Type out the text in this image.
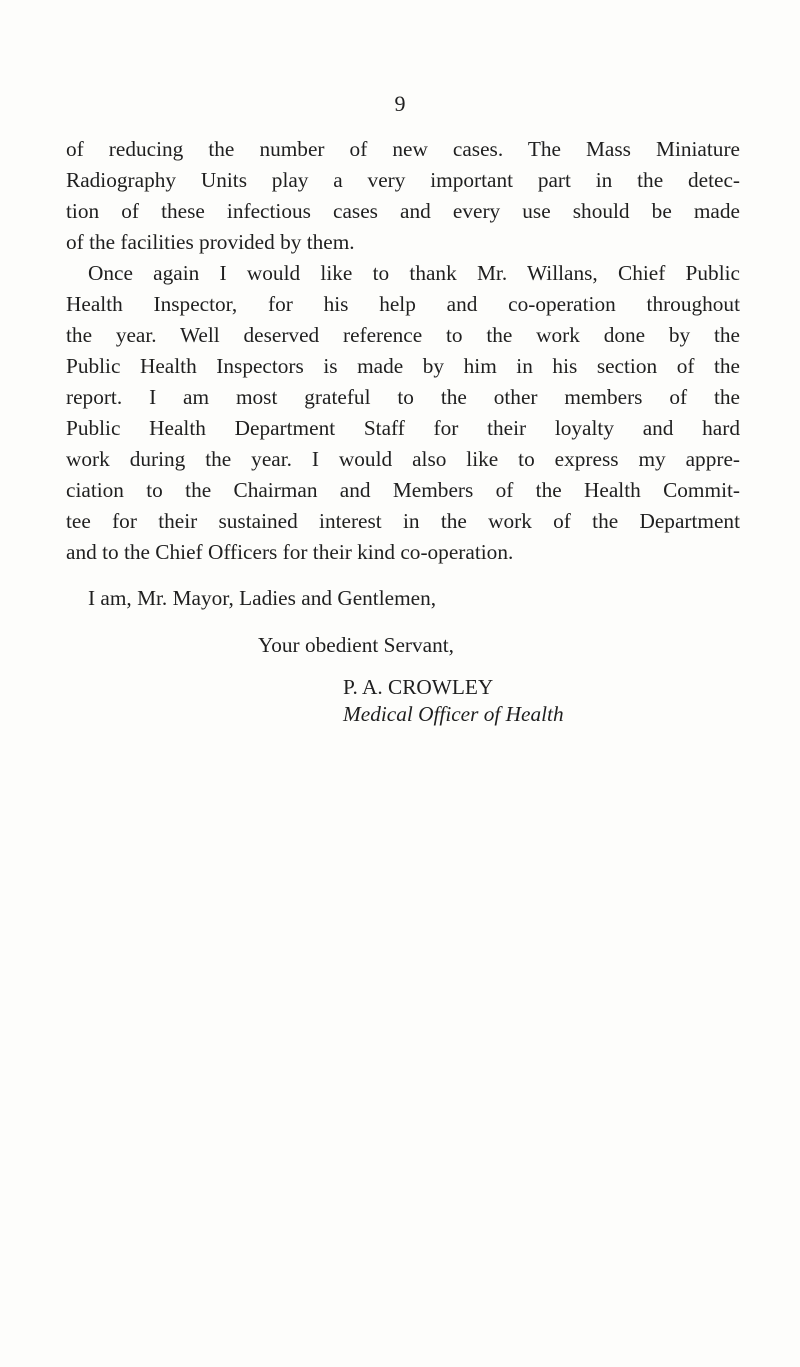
9

of reducing the number of new cases. The Mass Miniature
Radiography Units play a very important part in the detec-
tion of these infectious cases and every use should be made
of the facilities provided by them.

Once again I would like to thank Mr. Willans, Chief Public
Health Inspector, for his help and co-operation throughout
the year. Well deserved reference to the work done by the
Public Health Inspectors is made by him in his section of the
report. I am most grateful to the other members of the
Public Health Department Staff for their loyalty and hard
work during the year. I would also like to express my appre-
ciation to the Chairman and Members of the Health Commit-
tee for their sustained interest in the work of the Department
and to the Chief Officers for their kind co-operation.

I am, Mr. Mayor, Ladies and Gentlemen,

Your obedient Servant,

P. A. CROWLEY
Medical Officer of Health
